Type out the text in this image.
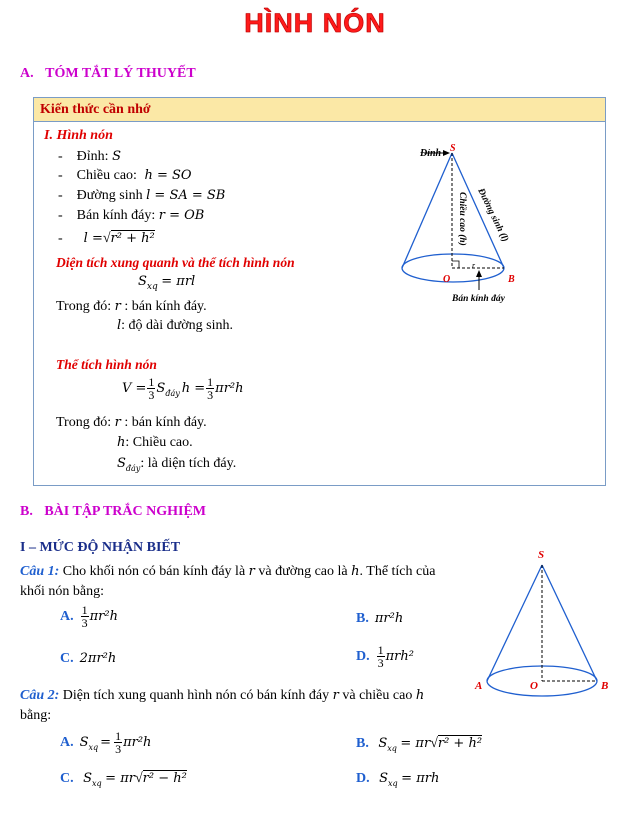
HÌNH NÓN
A. TÓM TẮT LÝ THUYẾT
Kiến thức cần nhớ
I. Hình nón
-    Đỉnh: S
-    Chiều cao: h = SO
-    Đường sinh l = SA = SB
-    Bán kính đáy: r = OB
-      l =√r² + h²
Diện tích xung quanh và thể tích hình nón
$S_{xq} = \pi rl$
Trong đó: r : bán kính đáy.
l: độ dài đường sinh.
Thể tích hình nón
$V = \frac{1}{3} S_{đáy}$ $h = \frac{1}{3} \pi r^2h$
Trong đó: r : bán kính đáy.
h: Chiều cao.
$S_{đáy}$: là diện tích đáy.
Đỉnh S
O	B
r
Bán kính đáy
Chiều cao (h) Đường sinh (l)
B. BÀI TẬP TRẮC NGHIỆM
I – MỨC ĐỘ NHẬN BIẾT
Câu 1: Cho khối nón có bán kính đáy là r và đường cao là h. Thể tích của
khối nón bằng:
A. $\frac{1}{3} \pi r^2h$	B. πr²h
C. 2πr²h	D. $\frac{1}{3} \pi rh^2$
S
A	O	B
Câu 2: Diện tích xung quanh hình nón có bán kính đáy r và chiều cao h
bằng:
A. $S_{xq} = \frac{1}{3} \pi r^2h$	B. $S_{xq} = \pi r√r^2 + h^2$
C. $S_{xq} = \pi r√r^2 - h^2$	D. $S_{xq} = \pi rh$
